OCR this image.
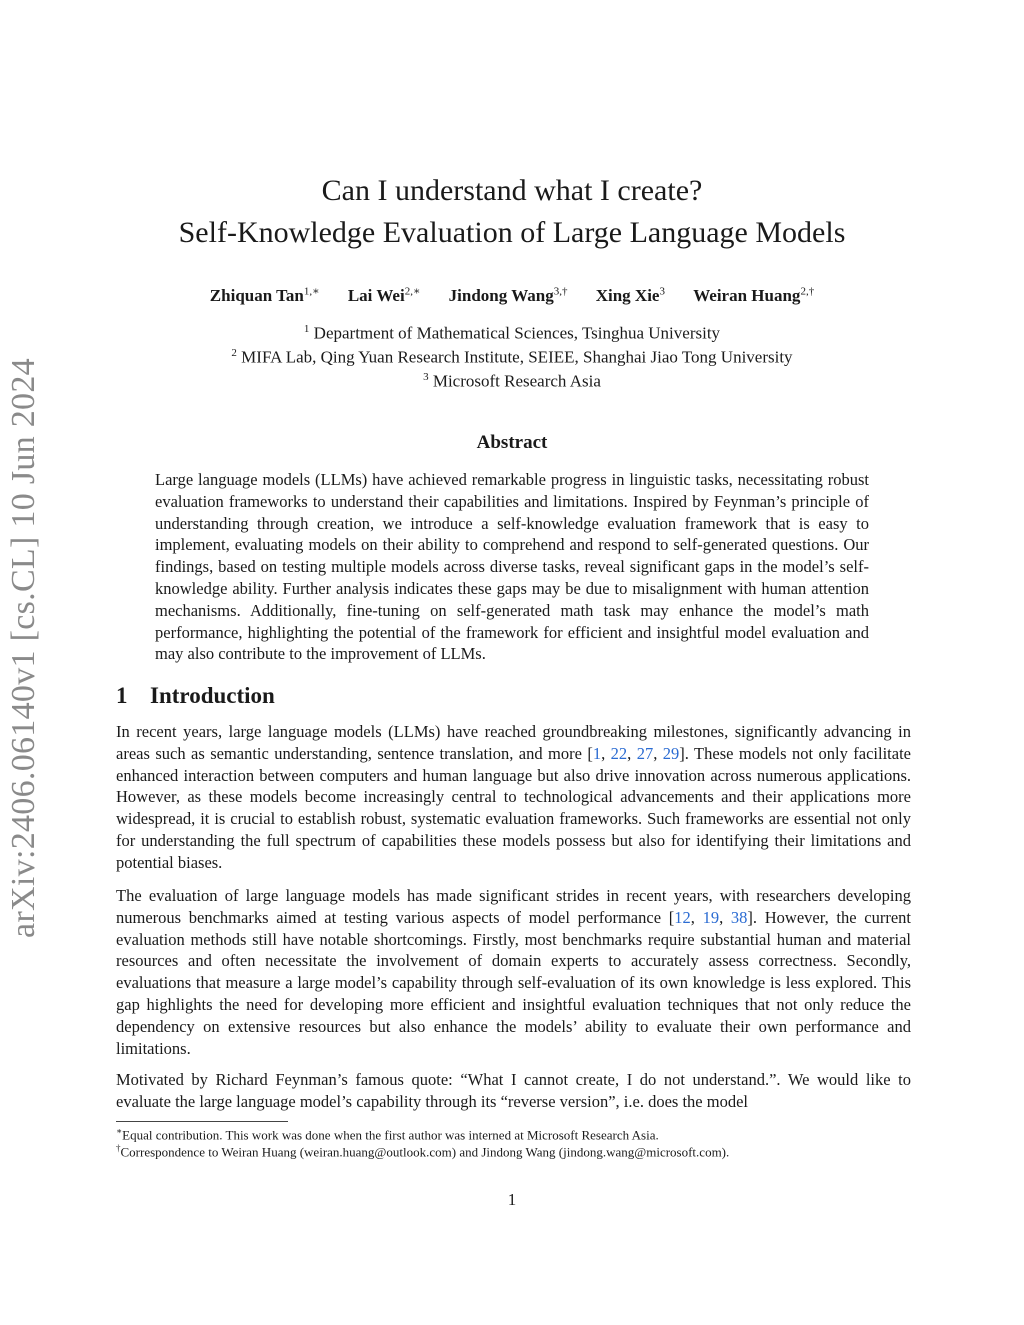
arXiv:2406.06140v1 [cs.CL] 10 Jun 2024
Can I understand what I create?
Self-Knowledge Evaluation of Large Language Models
Zhiquan Tan$^{1,∗}$ Lai Wei$^{2,∗}$ Jindong Wang$^{3,\dagger}$ Xing Xie$^3$ Weiran Huang$^{2,\dagger}$
$^1$ Department of Mathematical Sciences, Tsinghua University
$^2$ MIFA Lab, Qing Yuan Research Institute, SEIEE, Shanghai Jiao Tong University
$^3$ Microsoft Research Asia
Abstract
Large language models (LLMs) have achieved remarkable progress in linguistic tasks, necessitating robust evaluation frameworks to understand their capabilities and limitations. Inspired by Feynman’s principle of understanding through creation, we introduce a self-knowledge evaluation framework that is easy to implement, evaluating models on their ability to comprehend and respond to self-generated questions. Our findings, based on testing multiple models across diverse tasks, reveal significant gaps in the model’s self-knowledge ability. Further analysis indicates these gaps may be due to misalignment with human attention mechanisms. Additionally, fine-tuning on self-generated math task may enhance the model’s math performance, highlighting the potential of the framework for efficient and insightful model evaluation and may also contribute to the improvement of LLMs.
1 Introduction

In recent years, large language models (LLMs) have reached groundbreaking milestones, significantly advancing in areas such as semantic understanding, sentence translation, and more [1, 22, 27, 29]. These models not only facilitate enhanced interaction between computers and human language but also drive innovation across numerous applications. However, as these models become increasingly central to technological advancements and their applications more widespread, it is crucial to establish robust, systematic evaluation frameworks. Such frameworks are essential not only for understanding the full spectrum of capabilities these models possess but also for identifying their limitations and potential biases.

The evaluation of large language models has made significant strides in recent years, with researchers developing numerous benchmarks aimed at testing various aspects of model performance [12, 19, 38]. However, the current evaluation methods still have notable shortcomings. Firstly, most benchmarks require substantial human and material resources and often necessitate the involvement of domain experts to accurately assess correctness. Secondly, evaluations that measure a large model’s capability through self-evaluation of its own knowledge is less explored. This gap highlights the need for developing more efficient and insightful evaluation techniques that not only reduce the dependency on extensive resources but also enhance the models’ ability to evaluate their own performance and limitations.

Motivated by Richard Feynman’s famous quote: “What I cannot create, I do not understand.”. We would like to evaluate the large language model’s capability through its “reverse version”, i.e. does the model

∗Equal contribution. This work was done when the first author was interned at Microsoft Research Asia.
†Correspondence to Weiran Huang (weiran.huang@outlook.com) and Jindong Wang (jindong.wang@microsoft.com).
1
